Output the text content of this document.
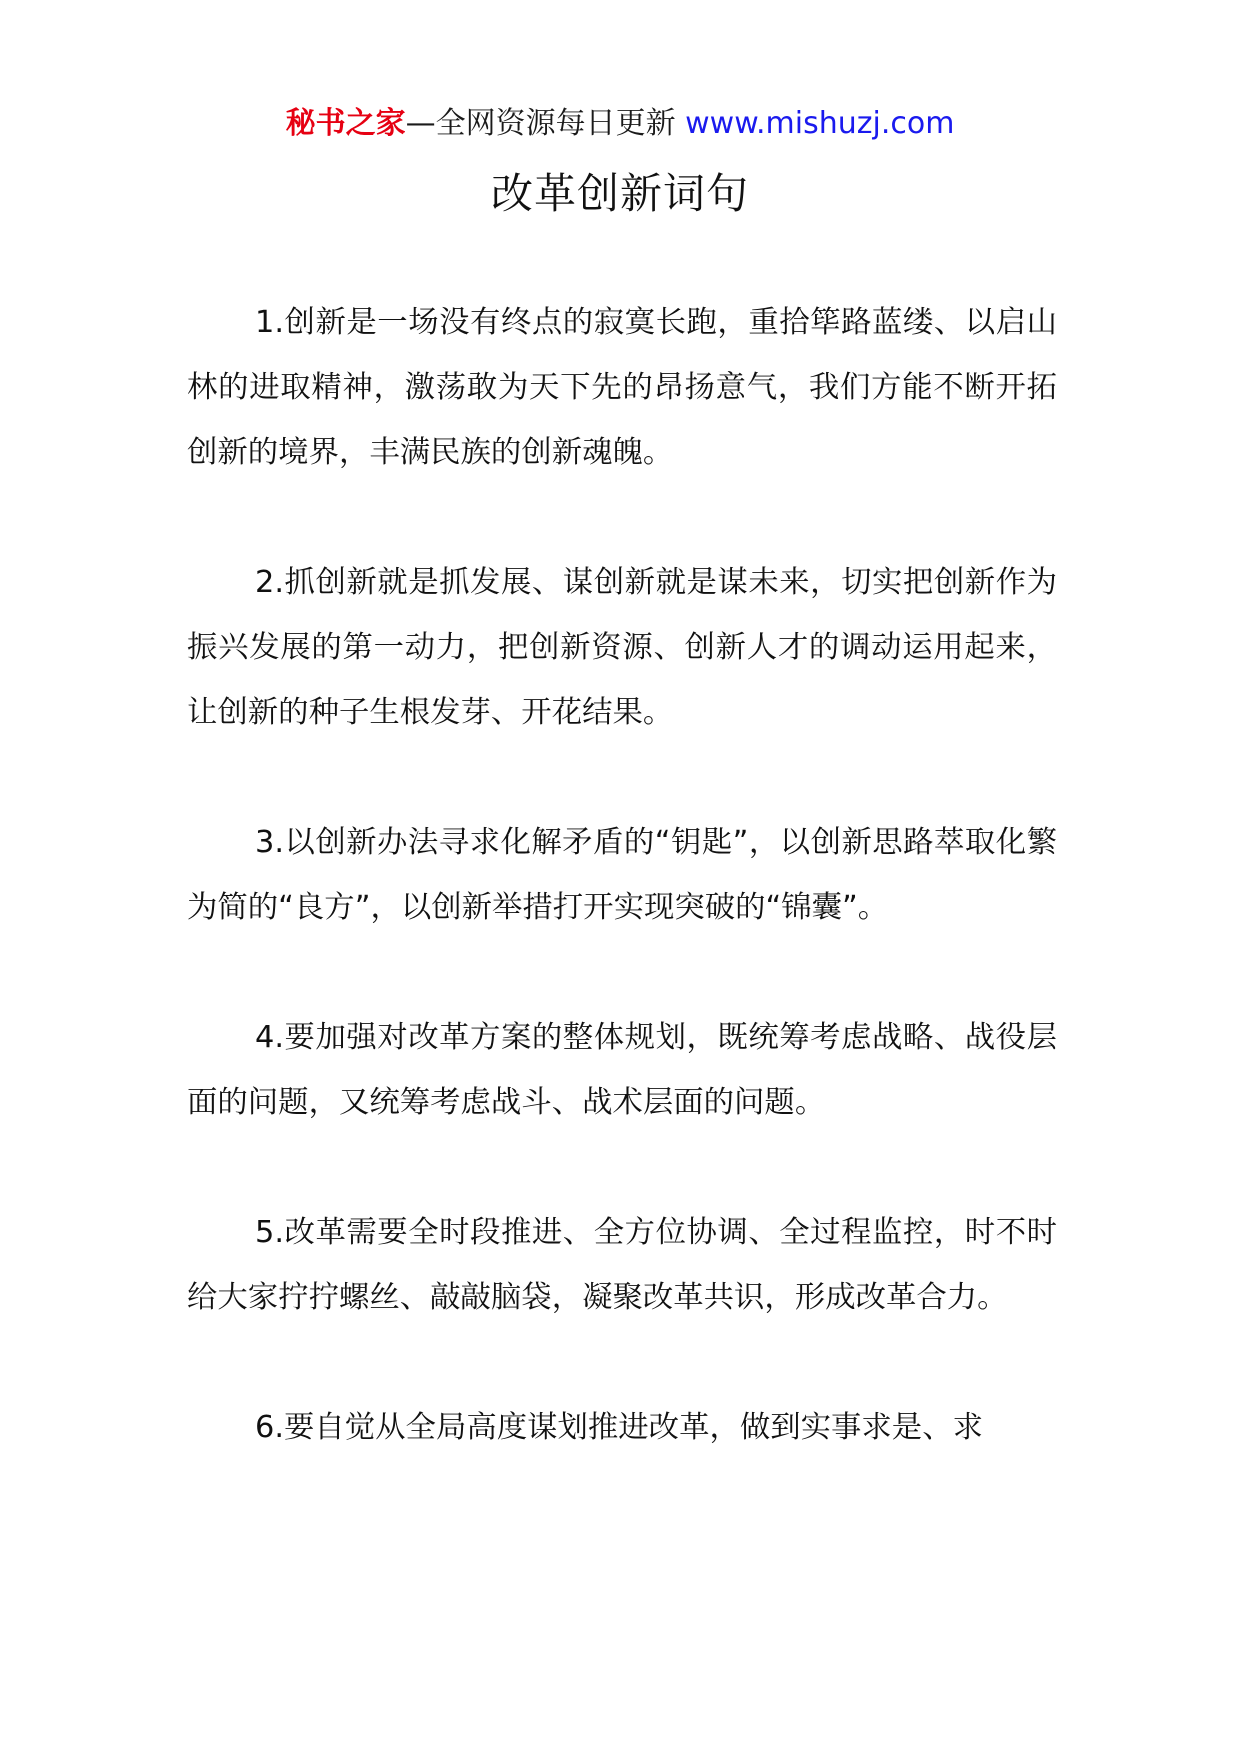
秘书之家—全网资源每日更新 www.mishuzj.com
改革创新词句

1.创新是一场没有终点的寂寞长跑，重拾筚路蓝缕、以启山林的进取精神，激荡敢为天下先的昂扬意气，我们方能不断开拓创新的境界，丰满民族的创新魂魄。

2.抓创新就是抓发展、谋创新就是谋未来，切实把创新作为振兴发展的第一动力，把创新资源、创新人才的调动运用起来，让创新的种子生根发芽、开花结果。

3.以创新办法寻求化解矛盾的“钥匙”，以创新思路萃取化繁为简的“良方”，以创新举措打开实现突破的“锦囊”。

4.要加强对改革方案的整体规划，既统筹考虑战略、战役层面的问题，又统筹考虑战斗、战术层面的问题。

5.改革需要全时段推进、全方位协调、全过程监控，时不时给大家拧拧螺丝、敲敲脑袋，凝聚改革共识，形成改革合力。

6.要自觉从全局高度谋划推进改革，做到实事求是、求
